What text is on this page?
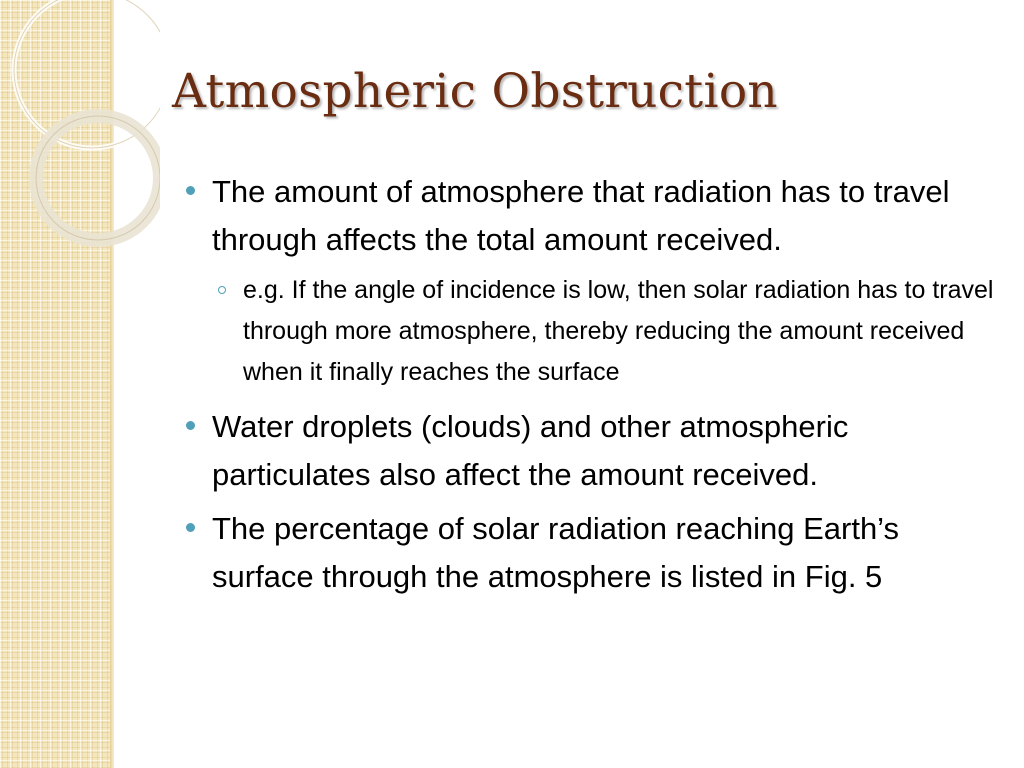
Atmospheric Obstruction
The amount of atmosphere that radiation has to travel through affects the total amount received.
e.g. If the angle of incidence is low, then solar radiation has to travel through more atmosphere, thereby reducing the amount received when it finally reaches the surface
Water droplets (clouds) and other atmospheric particulates also affect the amount received.
The percentage of solar radiation reaching Earth’s surface through the atmosphere is listed in Fig. 5
